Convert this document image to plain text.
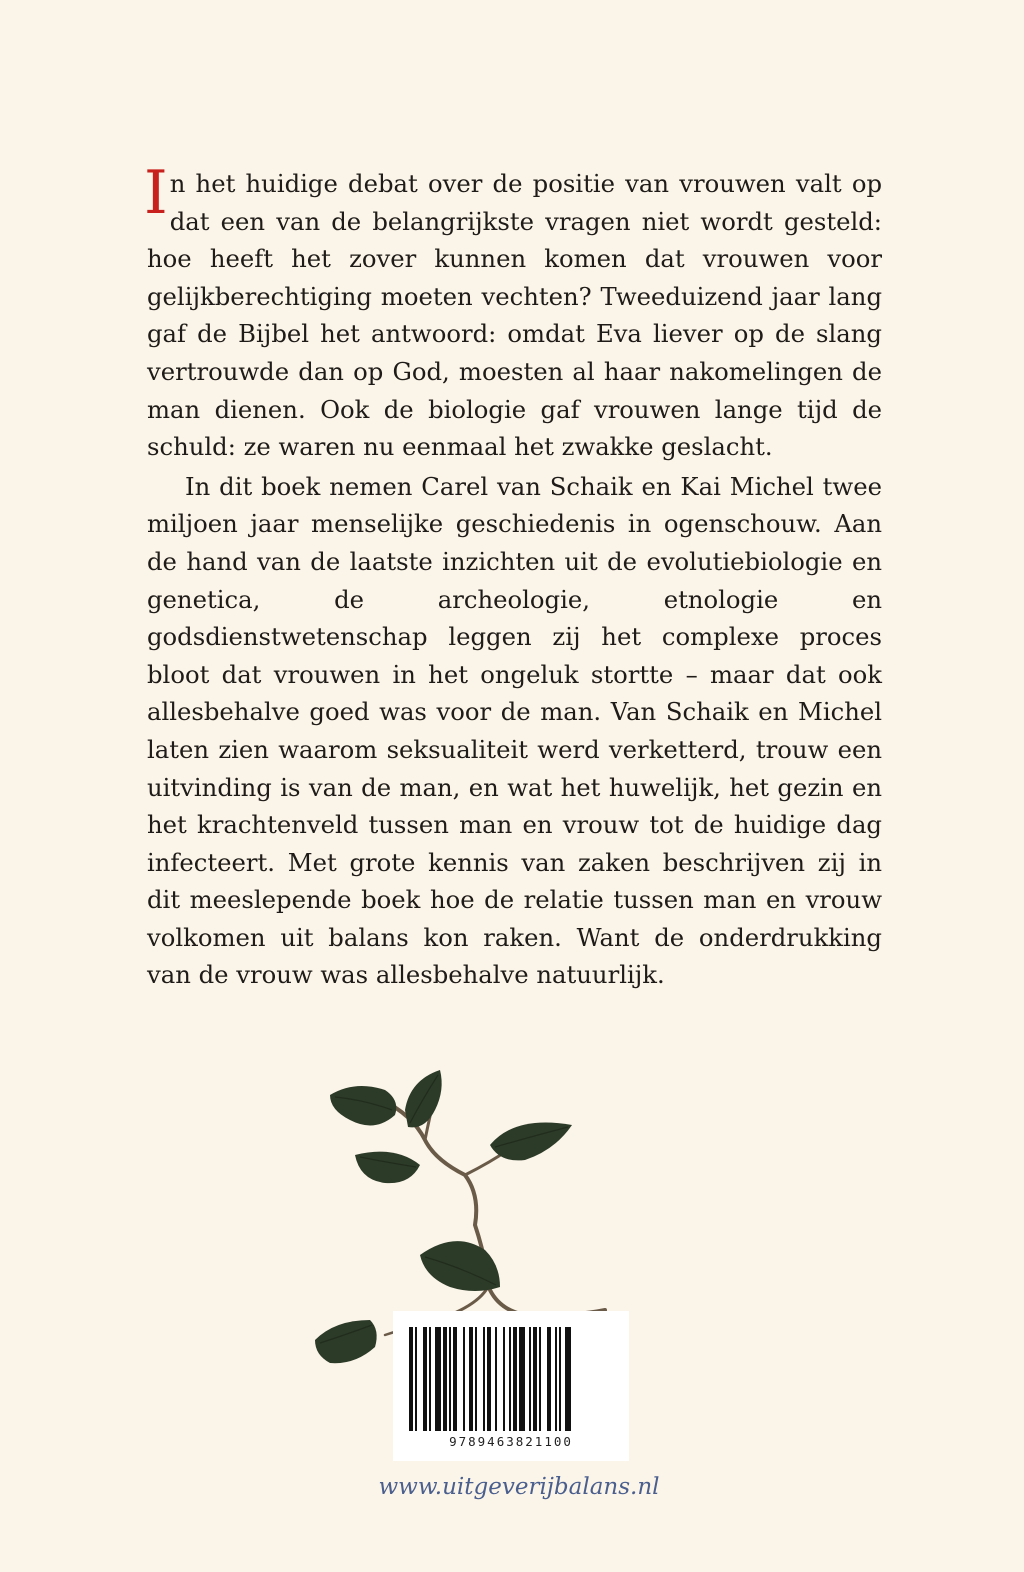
In het huidige debat over de positie van vrouwen valt op dat een van de belangrijkste vragen niet wordt gesteld: hoe heeft het zover kunnen komen dat vrouwen voor gelijkberechtiging moeten vechten? Tweeduizend jaar lang gaf de Bijbel het antwoord: omdat Eva liever op de slang vertrouwde dan op God, moesten al haar nakomelingen de man dienen. Ook de biologie gaf vrouwen lange tijd de schuld: ze waren nu eenmaal het zwakke geslacht.

In dit boek nemen Carel van Schaik en Kai Michel twee miljoen jaar menselijke geschiedenis in ogenschouw. Aan de hand van de laatste inzichten uit de evolutiebiologie en genetica, de archeologie, etnologie en godsdienstwetenschap leggen zij het complexe proces bloot dat vrouwen in het ongeluk stortte – maar dat ook allesbehalve goed was voor de man. Van Schaik en Michel laten zien waarom seksualiteit werd verketterd, trouw een uitvinding is van de man, en wat het huwelijk, het gezin en het krachtenveld tussen man en vrouw tot de huidige dag infecteert. Met grote kennis van zaken beschrijven zij in dit meeslepende boek hoe de relatie tussen man en vrouw volkomen uit balans kon raken. Want de onderdrukking van de vrouw was allesbehalve natuurlijk.

9789463821100
www.uitgeverijbalans.nl
